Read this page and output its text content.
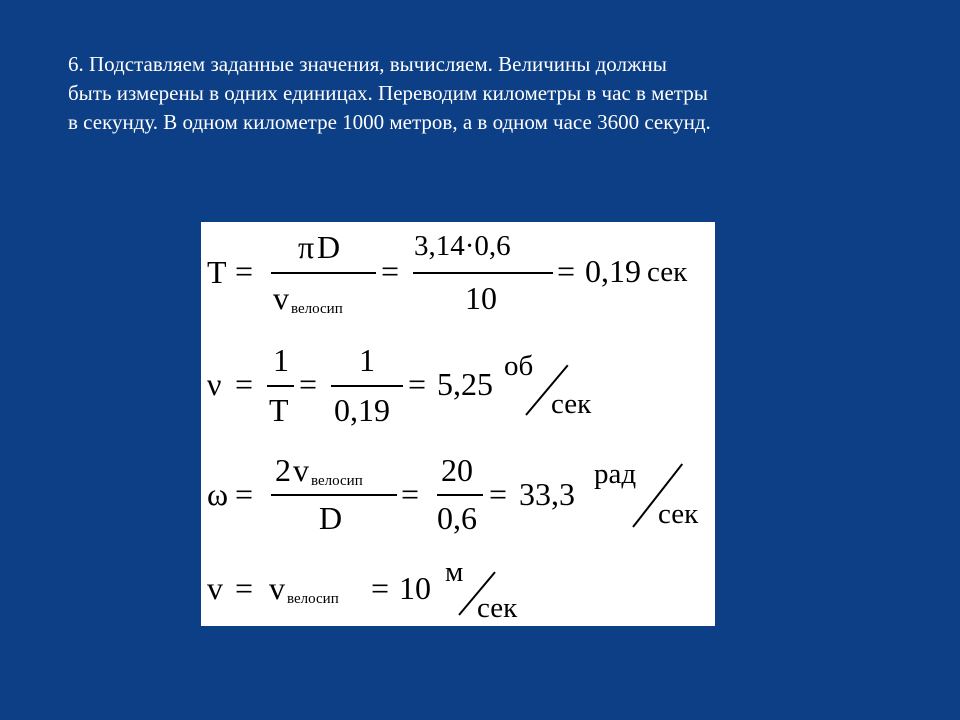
6. Подставляем заданные значения, вычисляем. Величины должны
быть измерены в одних единицах. Переводим километры в час в метры
в секунду. В одном километре 1000 метров, а в одном часе 3600 секунд.
T =
π D
v велосип
=
3,14·0,6
10
= 0,19 сек
ν =
1
T
=
1
0,19
= 5,25 об
сек
ω =
2 v велосип
D
=
20
0,6
= 33,3
рад
сек
v = v велосип = 10 м
сек
